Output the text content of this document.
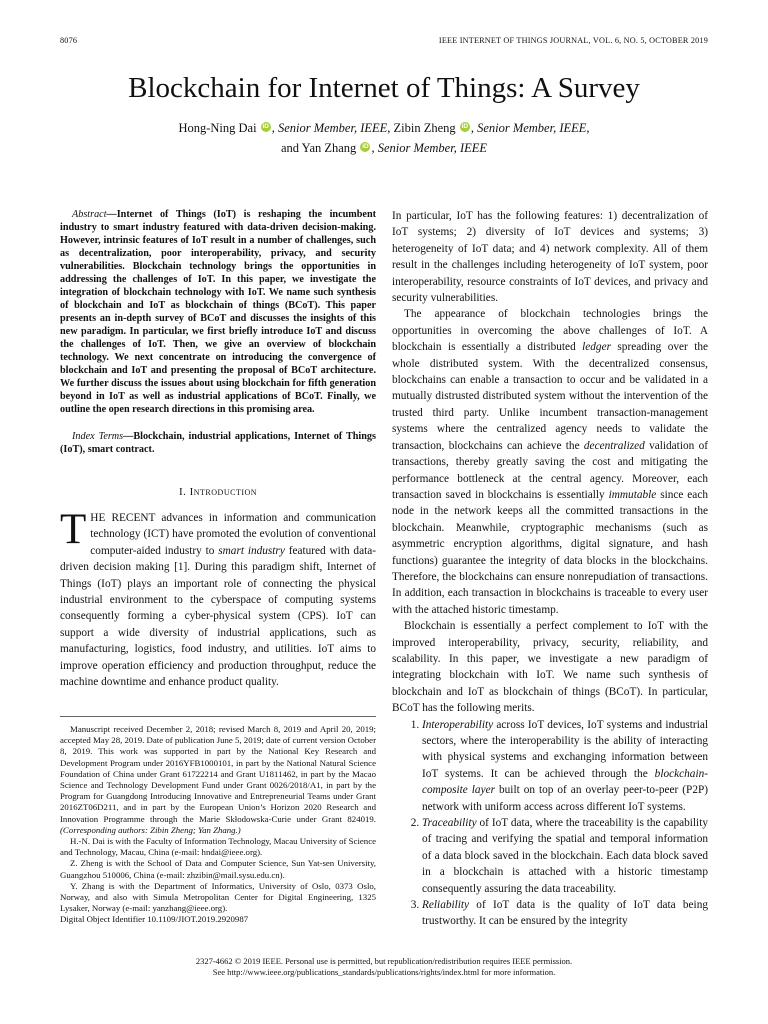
8076	IEEE INTERNET OF THINGS JOURNAL, VOL. 6, NO. 5, OCTOBER 2019
Blockchain for Internet of Things: A Survey
Hong-Ning Dai iD , Senior Member, IEEE, Zibin Zheng iD , Senior Member, IEEE,
and Yan Zhang iD , Senior Member, IEEE

Abstract—Internet of Things (IoT) is reshaping the incumbent industry to smart industry featured with data-driven decision-making. However, intrinsic features of IoT result in a number of challenges, such as decentralization, poor interoperability, privacy, and security vulnerabilities. Blockchain technology brings the opportunities in addressing the challenges of IoT. In this paper, we investigate the integration of blockchain technology with IoT. We name such synthesis of blockchain and IoT as blockchain of things (BCoT). This paper presents an in-depth survey of BCoT and discusses the insights of this new paradigm. In particular, we first briefly introduce IoT and discuss the challenges of IoT. Then, we give an overview of blockchain technology. We next concentrate on introducing the convergence of blockchain and IoT and presenting the proposal of BCoT architecture. We further discuss the issues about using blockchain for fifth generation beyond in IoT as well as industrial applications of BCoT. Finally, we outline the open research directions in this promising area.

Index Terms—Blockchain, industrial applications, Internet of Things (IoT), smart contract.

I. Introduction

THE RECENT advances in information and communication technology (ICT) have promoted the evolution of conventional computer-aided industry to smart industry featured with data-driven decision making [1]. During this paradigm shift, Internet of Things (IoT) plays an important role of connecting the physical industrial environment to the cyberspace of computing systems consequently forming a cyber-physical system (CPS). IoT can support a wide diversity of industrial applications, such as manufacturing, logistics, food industry, and utilities. IoT aims to improve operation efficiency and production throughput, reduce the machine downtime and enhance product quality.

Manuscript received December 2, 2018; revised March 8, 2019 and April 20, 2019; accepted May 28, 2019. Date of publication June 5, 2019; date of current version October 8, 2019. This work was supported in part by the National Key Research and Development Program under 2016YFB1000101, in part by the National Natural Science Foundation of China under Grant 61722214 and Grant U1811462, in part by the Macao Science and Technology Development Fund under Grant 0026/2018/A1, in part by the Program for Guangdong Introducing Innovative and Entrepreneurial Teams under Grant 2016ZT06D211, and in part by the European Union’s Horizon 2020 Research and Innovation Programme through the Marie Skłodowska-Curie under Grant 824019. (Corresponding authors: Zibin Zheng; Yan Zhang.)

H.-N. Dai is with the Faculty of Information Technology, Macau University of Science and Technology, Macau, China (e-mail: hndai@ieee.org).

Z. Zheng is with the School of Data and Computer Science, Sun Yat-sen University, Guangzhou 510006, China (e-mail: zhzibin@mail.sysu.edu.cn).

Y. Zhang is with the Department of Informatics, University of Oslo, 0373 Oslo, Norway, and also with Simula Metropolitan Center for Digital Engineering, 1325 Lysaker, Norway (e-mail: yanzhang@ieee.org).

Digital Object Identifier 10.1109/JIOT.2019.2920987

In particular, IoT has the following features: 1) decentralization of IoT systems; 2) diversity of IoT devices and systems; 3) heterogeneity of IoT data; and 4) network complexity. All of them result in the challenges including heterogeneity of IoT system, poor interoperability, resource constraints of IoT devices, and privacy and security vulnerabilities.

The appearance of blockchain technologies brings the opportunities in overcoming the above challenges of IoT. A blockchain is essentially a distributed ledger spreading over the whole distributed system. With the decentralized consensus, blockchains can enable a transaction to occur and be validated in a mutually distrusted distributed system without the intervention of the trusted third party. Unlike incumbent transaction-management systems where the centralized agency needs to validate the transaction, blockchains can achieve the decentralized validation of transactions, thereby greatly saving the cost and mitigating the performance bottleneck at the central agency. Moreover, each transaction saved in blockchains is essentially immutable since each node in the network keeps all the committed transactions in the blockchain. Meanwhile, cryptographic mechanisms (such as asymmetric encryption algorithms, digital signature, and hash functions) guarantee the integrity of data blocks in the blockchains. Therefore, the blockchains can ensure nonrepudiation of transactions. In addition, each transaction in blockchains is traceable to every user with the attached historic timestamp.

Blockchain is essentially a perfect complement to IoT with the improved interoperability, privacy, security, reliability, and scalability. In this paper, we investigate a new paradigm of integrating blockchain with IoT. We name such synthesis of blockchain and IoT as blockchain of things (BCoT). In particular, BCoT has the following merits.

1. Interoperability across IoT devices, IoT systems and industrial sectors, where the interoperability is the ability of interacting with physical systems and exchanging information between IoT systems. It can be achieved through the blockchain-composite layer built on top of an overlay peer-to-peer (P2P) network with uniform access across different IoT systems.
2. Traceability of IoT data, where the traceability is the capability of tracing and verifying the spatial and temporal information of a data block saved in the blockchain. Each data block saved in a blockchain is attached with a historic timestamp consequently assuring the data traceability.
3. Reliability of IoT data is the quality of IoT data being trustworthy. It can be ensured by the integrity
2327-4662 © 2019 IEEE. Personal use is permitted, but republication/redistribution requires IEEE permission.
See http://www.ieee.org/publications_standards/publications/rights/index.html for more information.
